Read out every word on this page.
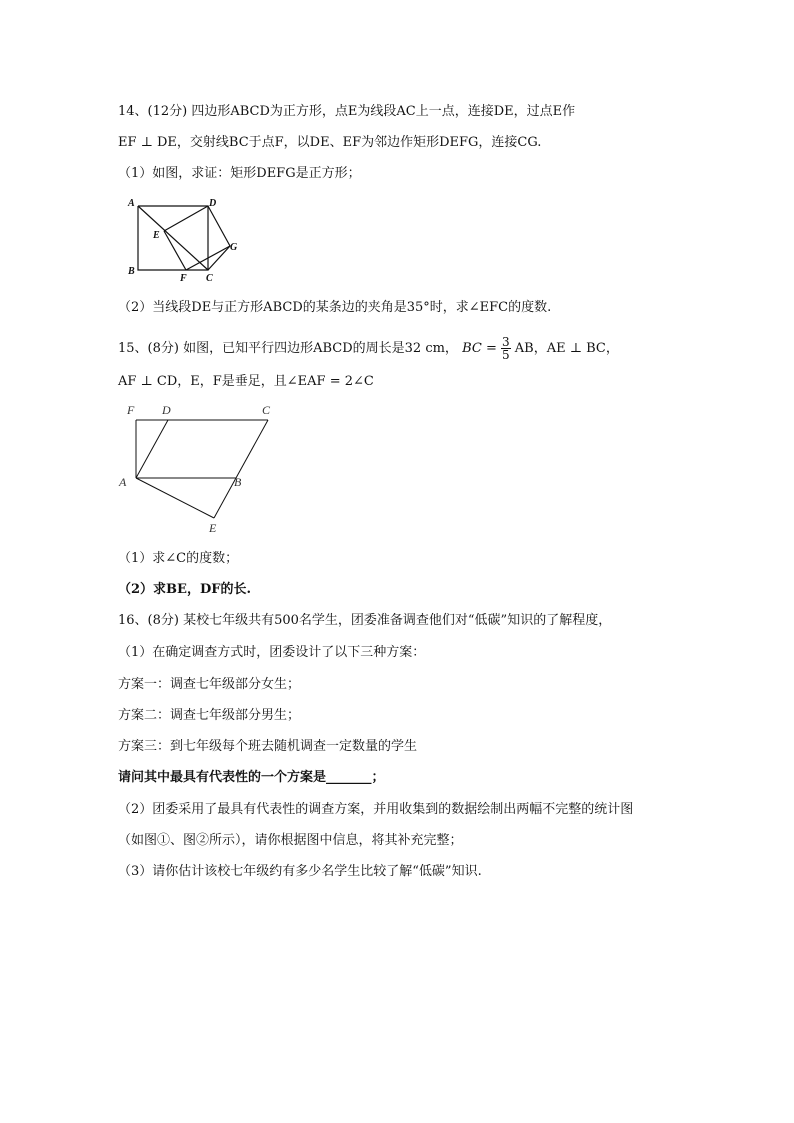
14、(12分) 四边形ABCD为正方形，点E为线段AC上一点，连接DE，过点E作
EF ⊥ DE，交射线BC于点F，以DE、EF为邻边作矩形DEFG，连接CG.
（1）如图，求证：矩形DEFG是正方形；
A	D
E
G
B
F C
（2）当线段DE与正方形ABCD的某条边的夹角是35°时，求∠EFC的度数.
15、(8分) 如图，已知平行四边形ABCD的周长是32 cm， BC = $\frac{3}{5}$ AB，AE ⊥ BC，
AF ⊥ CD，E，F是垂足，且∠EAF = 2∠C
F D	C
A	B
E
（1）求∠C的度数；
（2）求BE，DF的长.
16、(8分) 某校七年级共有500名学生，团委准备调查他们对“低碳”知识的了解程度，
（1）在确定调查方式时，团委设计了以下三种方案：
方案一：调查七年级部分女生；
方案二：调查七年级部分男生；
方案三：到七年级每个班去随机调查一定数量的学生
请问其中最具有代表性的一个方案是_______；
（2）团委采用了最具有代表性的调查方案，并用收集到的数据绘制出两幅不完整的统计图
（如图①、图②所示），请你根据图中信息，将其补充完整；
（3）请你估计该校七年级约有多少名学生比较了解“低碳”知识.
